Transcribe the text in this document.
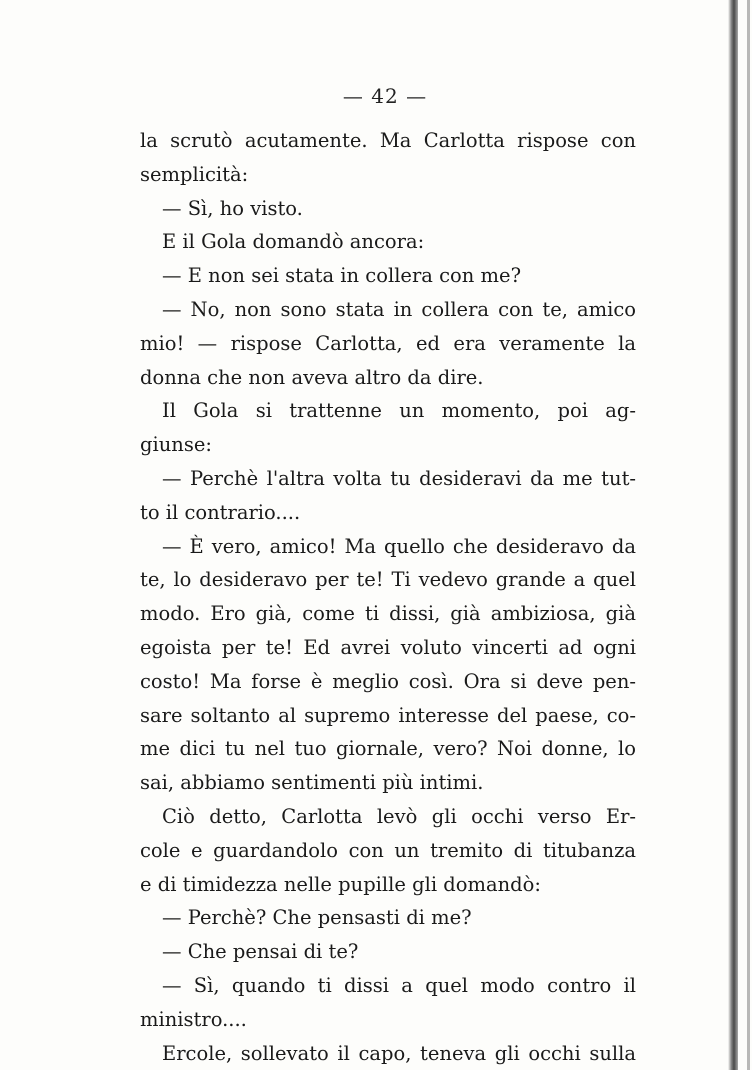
— 42 —
la scrutò acutamente. Ma Carlotta rispose con
semplicità:
— Sì, ho visto.
E il Gola domandò ancora:
— E non sei stata in collera con me?
— No, non sono stata in collera con te, amico
mio! — rispose Carlotta, ed era veramente la
donna che non aveva altro da dire.
Il Gola si trattenne un momento, poi ag-
giunse:
— Perchè l'altra volta tu desideravi da me tut-
to il contrario....
— È vero, amico! Ma quello che desideravo da
te, lo desideravo per te! Ti vedevo grande a quel
modo. Ero già, come ti dissi, già ambiziosa, già
egoista per te! Ed avrei voluto vincerti ad ogni
costo! Ma forse è meglio così. Ora si deve pen-
sare soltanto al supremo interesse del paese, co-
me dici tu nel tuo giornale, vero? Noi donne, lo
sai, abbiamo sentimenti più intimi.
Ciò detto, Carlotta levò gli occhi verso Er-
cole e guardandolo con un tremito di titubanza
e di timidezza nelle pupille gli domandò:
— Perchè? Che pensasti di me?
— Che pensai di te?
— Sì, quando ti dissi a quel modo contro il
ministro....
Ercole, sollevato il capo, teneva gli occhi sulla
